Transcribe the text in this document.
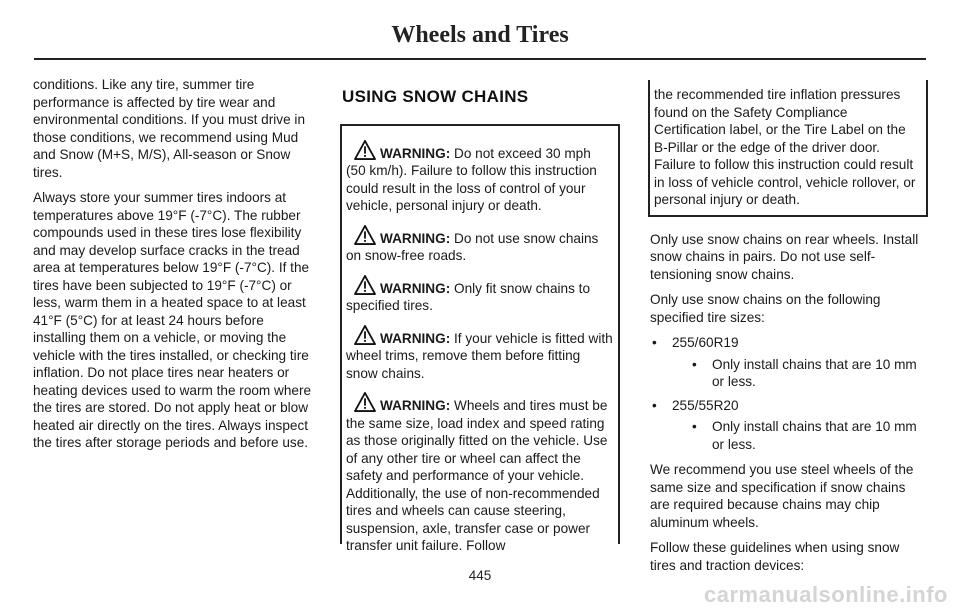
Wheels and Tires

conditions. Like any tire, summer tire performance is affected by tire wear and environmental conditions. If you must drive in those conditions, we recommend using Mud and Snow (M+S, M/S), All-season or Snow tires.

Always store your summer tires indoors at temperatures above 19°F (-7°C). The rubber compounds used in these tires lose flexibility and may develop surface cracks in the tread area at temperatures below 19°F (-7°C). If the tires have been subjected to 19°F (-7°C) or less, warm them in a heated space to at least 41°F (5°C) for at least 24 hours before installing them on a vehicle, or moving the vehicle with the tires installed, or checking tire inflation. Do not place tires near heaters or heating devices used to warm the room where the tires are stored. Do not apply heat or blow heated air directly on the tires. Always inspect the tires after storage periods and before use.

USING SNOW CHAINS

WARNING: Do not exceed 30 mph (50 km/h). Failure to follow this instruction could result in the loss of control of your vehicle, personal injury or death.

WARNING: Do not use snow chains on snow-free roads.

WARNING: Only fit snow chains to specified tires.

WARNING: If your vehicle is fitted with wheel trims, remove them before fitting snow chains.

WARNING: Wheels and tires must be the same size, load index and speed rating as those originally fitted on the vehicle. Use of any other tire or wheel can affect the safety and performance of your vehicle. Additionally, the use of non-recommended tires and wheels can cause steering, suspension, axle, transfer case or power transfer unit failure. Follow

the recommended tire inflation pressures found on the Safety Compliance Certification label, or the Tire Label on the B-Pillar or the edge of the driver door. Failure to follow this instruction could result in loss of vehicle control, vehicle rollover, or personal injury or death.

Only use snow chains on rear wheels. Install snow chains in pairs. Do not use self-tensioning snow chains.

Only use snow chains on the following specified tire sizes:

• 255/60R19
• Only install chains that are 10 mm or less.
• 255/55R20
• Only install chains that are 10 mm or less.

We recommend you use steel wheels of the same size and specification if snow chains are required because chains may chip aluminum wheels.

Follow these guidelines when using snow tires and traction devices:

445
carmanualsonline.info
